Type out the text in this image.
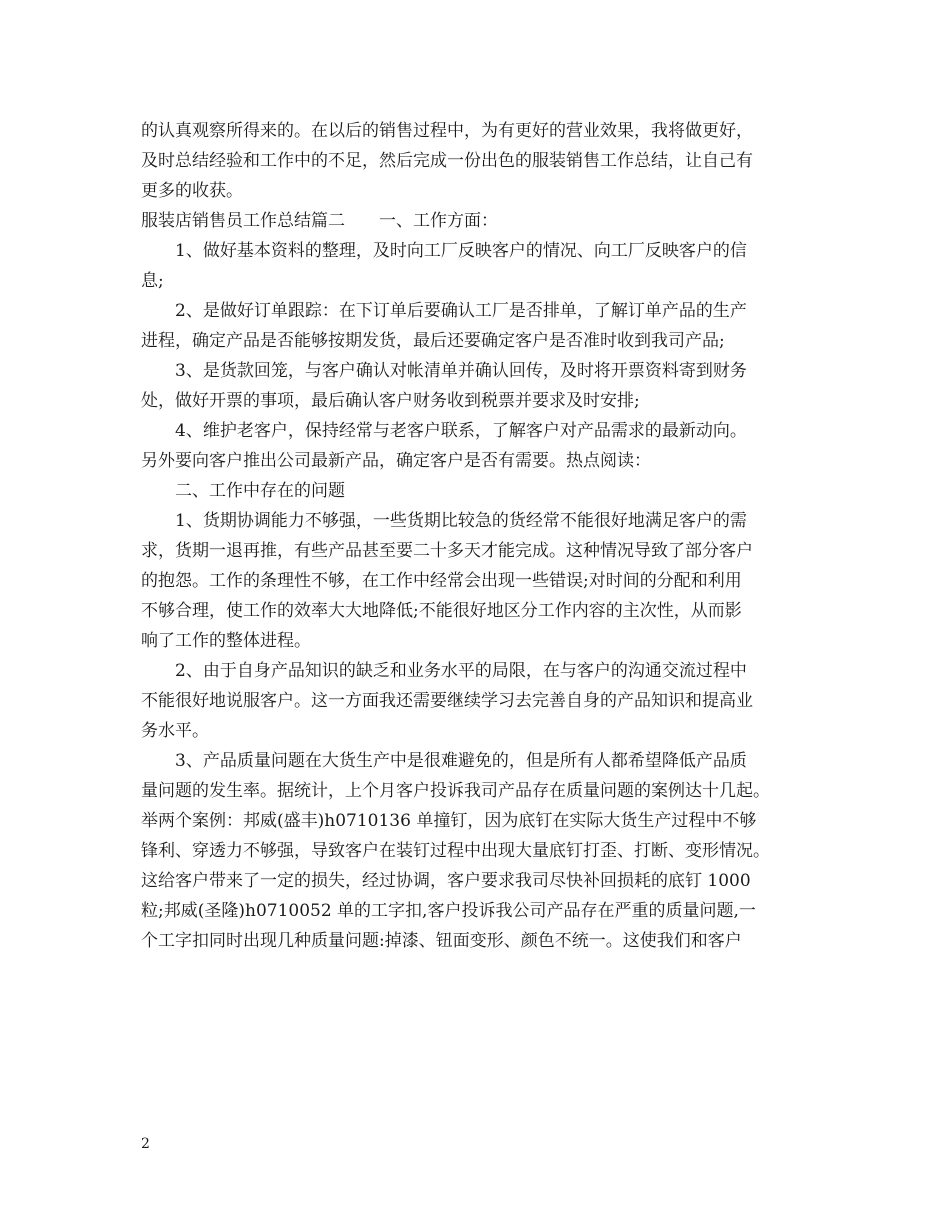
的认真观察所得来的。在以后的销售过程中，为有更好的营业效果，我将做更好，
及时总结经验和工作中的不足，然后完成一份出色的服装销售工作总结，让自己有
更多的收获。
服装店销售员工作总结篇二　　一、工作方面：
1、做好基本资料的整理，及时向工厂反映客户的情况、向工厂反映客户的信
息;
2、是做好订单跟踪：在下订单后要确认工厂是否排单，了解订单产品的生产
进程，确定产品是否能够按期发货，最后还要确定客户是否准时收到我司产品;
3、是货款回笼，与客户确认对帐清单并确认回传，及时将开票资料寄到财务
处，做好开票的事项，最后确认客户财务收到税票并要求及时安排;
4、维护老客户，保持经常与老客户联系，了解客户对产品需求的最新动向。
另外要向客户推出公司最新产品，确定客户是否有需要。热点阅读：
二、工作中存在的问题
1、货期协调能力不够强，一些货期比较急的货经常不能很好地满足客户的需
求，货期一退再推，有些产品甚至要二十多天才能完成。这种情况导致了部分客户
的抱怨。工作的条理性不够，在工作中经常会出现一些错误;对时间的分配和利用
不够合理，使工作的效率大大地降低;不能很好地区分工作内容的主次性，从而影
响了工作的整体进程。
2、由于自身产品知识的缺乏和业务水平的局限，在与客户的沟通交流过程中
不能很好地说服客户。这一方面我还需要继续学习去完善自身的产品知识和提高业
务水平。
3、产品质量问题在大货生产中是很难避免的，但是所有人都希望降低产品质
量问题的发生率。据统计，上个月客户投诉我司产品存在质量问题的案例达十几起。
举两个案例：邦威(盛丰)h0710136 单撞钉，因为底钉在实际大货生产过程中不够
锋利、穿透力不够强，导致客户在装钉过程中出现大量底钉打歪、打断、变形情况。
这给客户带来了一定的损失，经过协调，客户要求我司尽快补回损耗的底钉 1000
粒;邦威(圣隆)h0710052 单的工字扣,客户投诉我公司产品存在严重的质量问题,一
个工字扣同时出现几种质量问题:掉漆、钮面变形、颜色不统一。这使我们和客户
2
